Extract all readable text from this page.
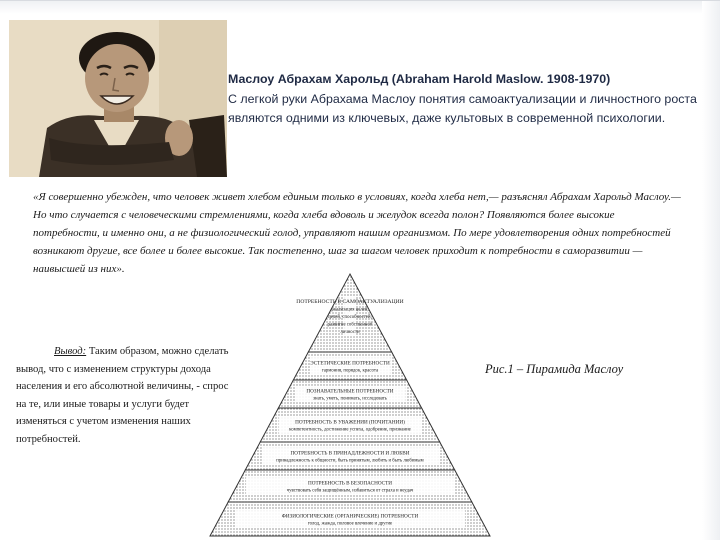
Маслоу Абрахам Харольд (Abraham Harold Maslow. 1908-1970)
С легкой руки Абрахама Маслоу понятия самоактуализации и личностного роста являются одними из ключевых, даже культовых в современной психологии.
«Я совершенно убежден, что человек живет хлебом единым только в условиях, когда хлеба нет,— разъяснял Абрахам Харольд Маслоу.— Но что случается с человеческими стремлениями, когда хлеба вдоволь и желудок всегда полон? Появляются более высокие потребности, и именно они, а не физиологический голод, управляют нашим организмом. По мере удовлетворения одних потребностей возникают другие, все более и более высокие. Так постепенно, шаг за шагом человек приходит к потребности в саморазвитии — наивысшей из них».
ПОТРЕБНОСТЬ В САМОАКТУАЛИЗАЦИИ
реализация целей,
целей, способностей,
развитие собственной
личности
ЭСТЕТИЧЕСКИЕ ПОТРЕБНОСТИ
гармония, порядок, красота
ПОЗНАВАТЕЛЬНЫЕ ПОТРЕБНОСТИ
знать, уметь, понимать, исследовать
ПОТРЕБНОСТЬ В УВАЖЕНИИ (ПОЧИТАНИИ)
компетентность, достижение успеха, одобрение, признание
ПОТРЕБНОСТЬ В ПРИНАДЛЕЖНОСТИ И ЛЮБВИ
принадлежность к общности, быть принятым, любить и быть любимым
ПОТРЕБНОСТЬ В БЕЗОПАСНОСТИ
чувствовать себя защищённым, избавиться от страха и неудач
ФИЗИОЛОГИЧЕСКИЕ (ОРГАНИЧЕСКИЕ) ПОТРЕБНОСТИ
голод, жажда, половое влечение и другие
Вывод: Таким образом, можно сделать вывод, что с изменением структуры дохода населения и его абсолютной величины, - спрос на те, или иные товары и услуги будет изменяться с учетом изменения наших потребностей.
Рис.1 – Пирамида Маслоу
